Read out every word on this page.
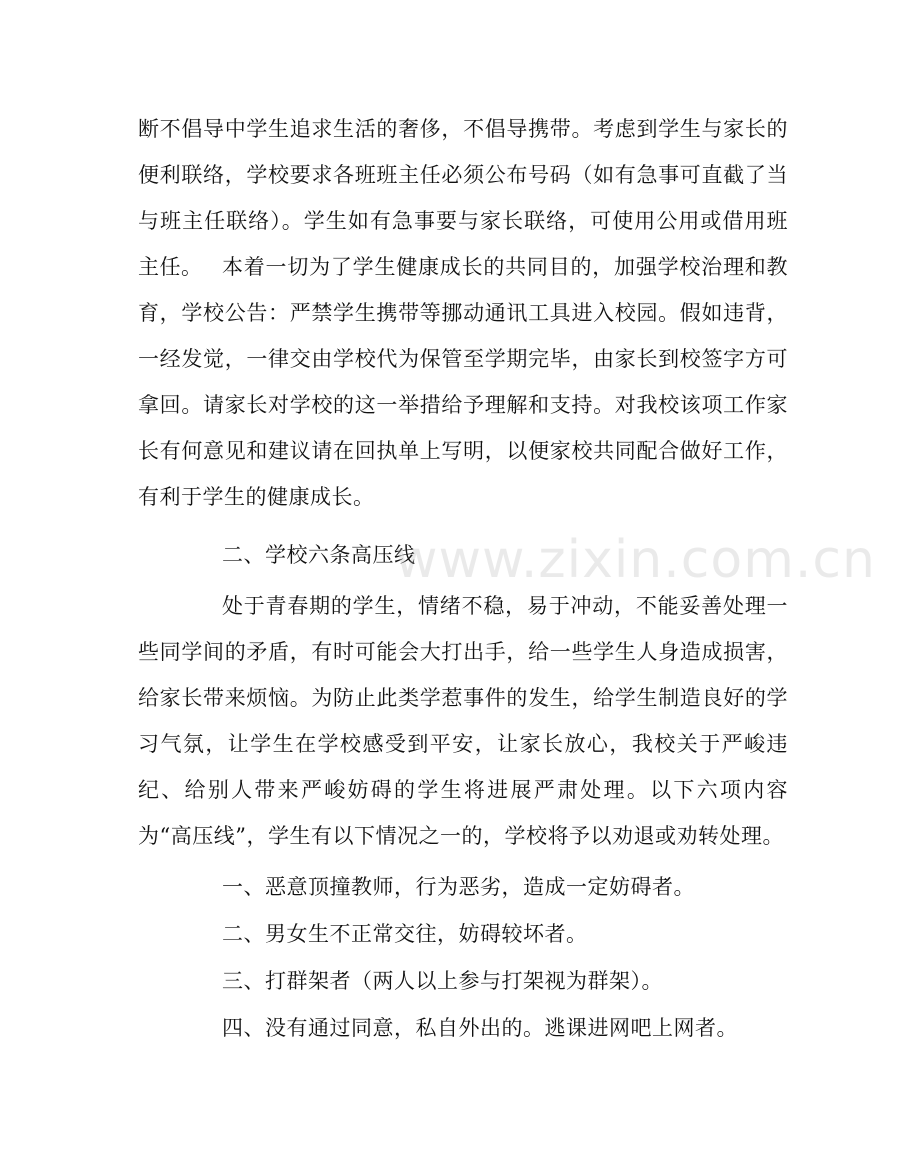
断不倡导中学生追求生活的奢侈，不倡导携带。考虑到学生与家长的便利联络，学校要求各班班主任必须公布号码（如有急事可直截了当与班主任联络）。学生如有急事要与家长联络，可使用公用或借用班主任。 本着一切为了学生健康成长的共同目的，加强学校治理和教育，学校公告：严禁学生携带等挪动通讯工具进入校园。假如违背，一经发觉，一律交由学校代为保管至学期完毕，由家长到校签字方可拿回。请家长对学校的这一举措给予理解和支持。对我校该项工作家长有何意见和建议请在回执单上写明，以便家校共同配合做好工作，有利于学生的健康成长。

二、学校六条高压线

处于青春期的学生，情绪不稳，易于冲动，不能妥善处理一些同学间的矛盾，有时可能会大打出手，给一些学生人身造成损害，给家长带来烦恼。为防止此类学惹事件的发生，给学生制造良好的学习气氛，让学生在学校感受到平安，让家长放心，我校关于严峻违纪、给别人带来严峻妨碍的学生将进展严肃处理。以下六项内容为“高压线”，学生有以下情况之一的，学校将予以劝退或劝转处理。

一、恶意顶撞教师，行为恶劣，造成一定妨碍者。

二、男女生不正常交往，妨碍较坏者。

三、打群架者（两人以上参与打架视为群架）。

四、没有通过同意，私自外出的。逃课进网吧上网者。

www.zixin.com.cn
